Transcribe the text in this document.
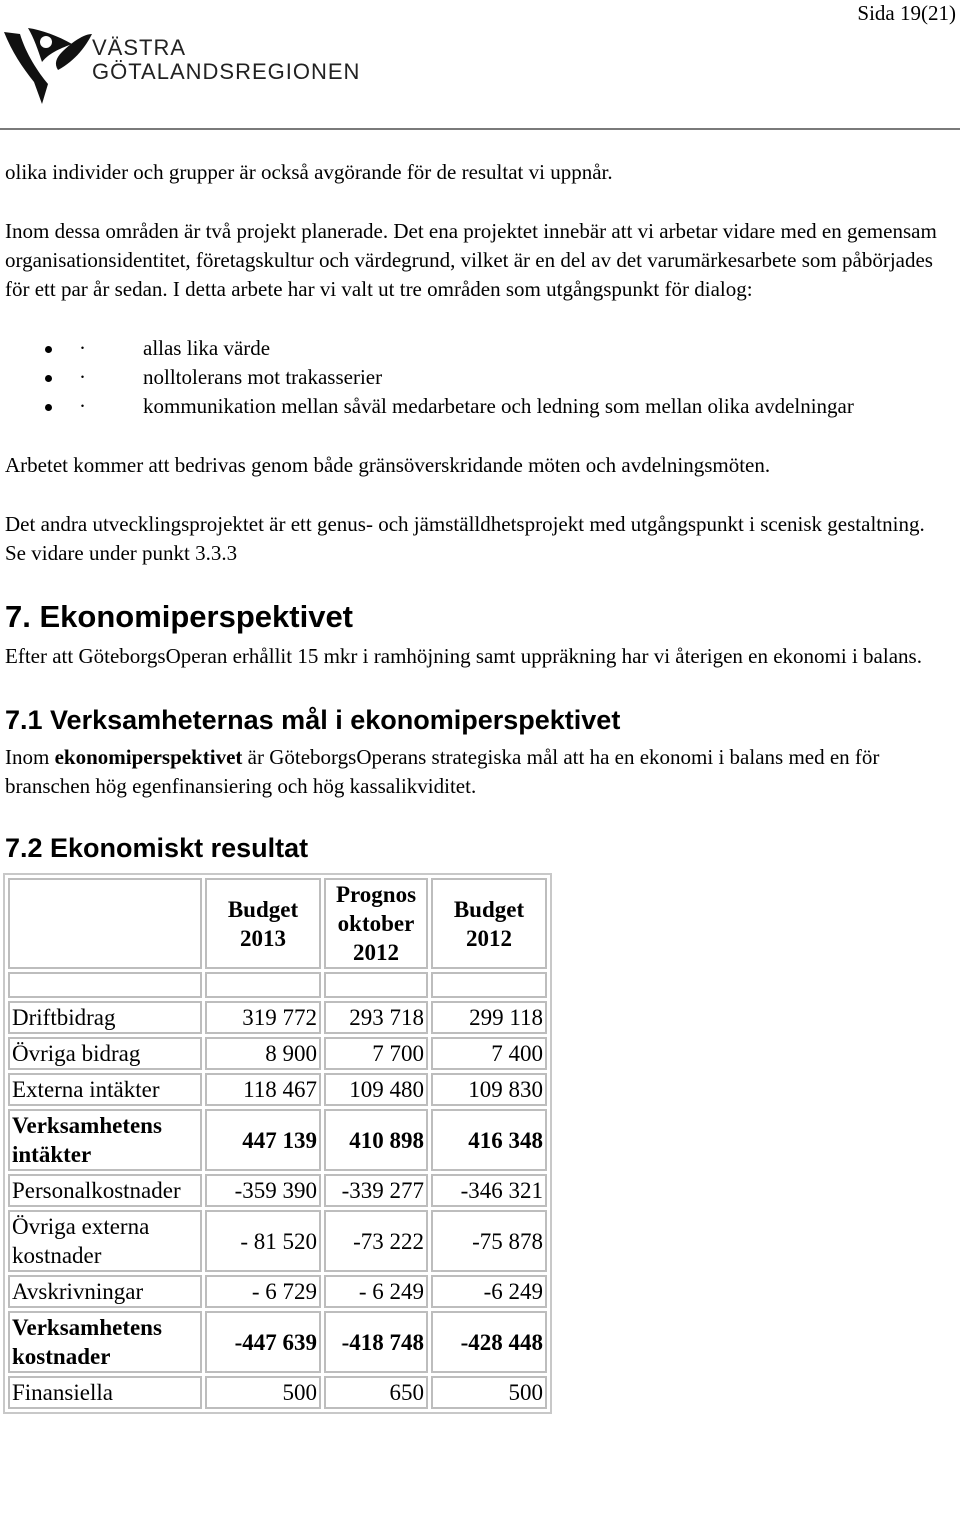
Sida 19(21)
VÄSTRA
GÖTALANDSREGIONEN

olika individer och grupper är också avgörande för de resultat vi uppnår.

Inom dessa områden är två projekt planerade. Det ena projektet innebär att vi arbetar vidare med en gemensam organisationsidentitet, företagskultur och värdegrund, vilket är en del av det varumärkesarbete som påbörjades för ett par år sedan. I detta arbete har vi valt ut tre områden som utgångspunkt för dialog:

·	allas lika värde
·	nolltolerans mot trakasserier
·	kommunikation mellan såväl medarbetare och ledning som mellan olika avdelningar

Arbetet kommer att bedrivas genom både gränsöverskridande möten och avdelningsmöten.

Det andra utvecklingsprojektet är ett genus- och jämställdhetsprojekt med utgångspunkt i scenisk gestaltning. Se vidare under punkt 3.3.3

7. Ekonomiperspektivet

Efter att GöteborgsOperan erhållit 15 mkr i ramhöjning samt uppräkning har vi återigen en ekonomi i balans.

7.1 Verksamheternas mål i ekonomiperspektivet

Inom ekonomiperspektivet är GöteborgsOperans strategiska mål att ha en ekonomi i balans med en för branschen hög egenfinansiering och hög kassalikviditet.

7.2 Ekonomiskt resultat
	Budget 2013	Prognos oktober 2012	Budget 2012

Driftbidrag	319 772	293 718	299 118
Övriga bidrag	8 900	7 700	7 400
Externa intäkter	118 467	109 480	109 830
Verksamhetens intäkter	447 139	410 898	416 348
Personalkostnader	-359 390	-339 277	-346 321
Övriga externa kostnader	- 81 520	-73 222	-75 878
Avskrivningar	- 6 729	- 6 249	-6 249
Verksamhetens kostnader	-447 639	-418 748	-428 448
Finansiella	500	650	500
